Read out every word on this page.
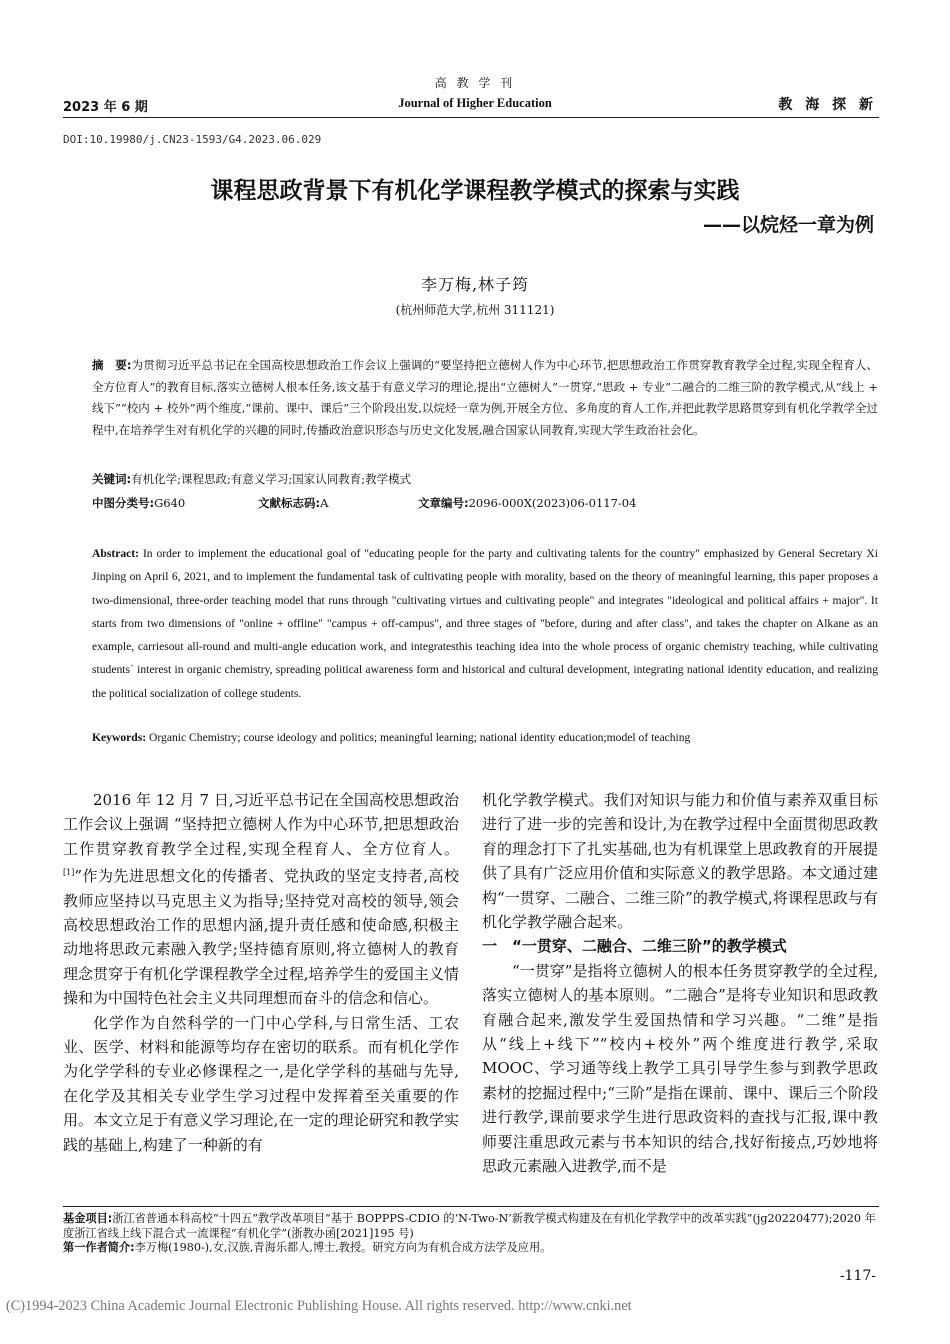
高 教 学 刊
2023 年 6 期	Journal of Higher Education	教 海 探 新
DOI:10.19980/j.CN23-1593/G4.2023.06.029
课程思政背景下有机化学课程教学模式的探索与实践
——以烷烃一章为例
李万梅,林子筠
(杭州师范大学,杭州 311121)
摘　要:为贯彻习近平总书记在全国高校思想政治工作会议上强调的“要坚持把立德树人作为中心环节,把思想政治工作贯穿教育教学全过程,实现全程育人、全方位育人”的教育目标,落实立德树人根本任务,该文基于有意义学习的理论,提出“立德树人”一贯穿,“思政 + 专业”二融合的二维三阶的教学模式,从“线上 + 线下”“校内 + 校外”两个维度,“课前、课中、课后”三个阶段出发,以烷烃一章为例,开展全方位、多角度的育人工作,并把此教学思路贯穿到有机化学教学全过程中,在培养学生对有机化学的兴趣的同时,传播政治意识形态与历史文化发展,融合国家认同教育,实现大学生政治社会化。
关键词:有机化学;课程思政;有意义学习;国家认同教育;教学模式
中图分类号:G640	文献标志码:A	文章编号:2096-000X(2023)06-0117-04
Abstract: In order to implement the educational goal of "educating people for the party and cultivating talents for the country" emphasized by General Secretary Xi Jinping on April 6, 2021, and to implement the fundamental task of cultivating people with morality, based on the theory of meaningful learning, this paper proposes a two-dimensional, three-order teaching model that runs through "cultivating virtues and cultivating people" and integrates "ideological and political affairs + major". It starts from two dimensions of "online + offline" "campus + off-campus", and three stages of "before, during and after class", and takes the chapter on Alkane as an example, carriesout all-round and multi-angle education work, and integratesthis teaching idea into the whole process of organic chemistry teaching, while cultivating students´ interest in organic chemistry, spreading political awareness form and historical and cultural development, integrating national identity education, and realizing the political socialization of college students.
Keywords: Organic Chemistry; course ideology and politics; meaningful learning; national identity education;model of teaching

2016 年 12 月 7 日,习近平总书记在全国高校思想政治工作会议上强调 “坚持把立德树人作为中心环节,把思想政治工作贯穿教育教学全过程,实现全程育人、全方位育人。[1]”作为先进思想文化的传播者、党执政的坚定支持者,高校教师应坚持以马克思主义为指导;坚持党对高校的领导,领会高校思想政治工作的思想内涵,提升责任感和使命感,积极主动地将思政元素融入教学;坚持德育原则,将立德树人的教育理念贯穿于有机化学课程教学全过程,培养学生的爱国主义情操和为中国特色社会主义共同理想而奋斗的信念和信心。

化学作为自然科学的一门中心学科,与日常生活、工农业、医学、材料和能源等均存在密切的联系。而有机化学作为化学学科的专业必修课程之一,是化学学科的基础与先导,在化学及其相关专业学生学习过程中发挥着至关重要的作用。本文立足于有意义学习理论,在一定的理论研究和教学实践的基础上,构建了一种新的有

机化学教学模式。我们对知识与能力和价值与素养双重目标进行了进一步的完善和设计,为在教学过程中全面贯彻思政教育的理念打下了扎实基础,也为有机课堂上思政教育的开展提供了具有广泛应用价值和实际意义的教学思路。本文通过建构“一贯穿、二融合、二维三阶”的教学模式,将课程思政与有机化学教学融合起来。

一　“一贯穿、二融合、二维三阶”的教学模式

“一贯穿”是指将立德树人的根本任务贯穿教学的全过程,落实立德树人的基本原则。“二融合”是将专业知识和思政教育融合起来,激发学生爱国热情和学习兴趣。“二维”是指从“线上+线下”“校内+校外”两个维度进行教学,采取 MOOC、学习通等线上教学工具引导学生参与到教学思政素材的挖掘过程中;“三阶”是指在课前、课中、课后三个阶段进行教学,课前要求学生进行思政资料的查找与汇报,课中教师要注重思政元素与书本知识的结合,找好衔接点,巧妙地将思政元素融入进教学,而不是

基金项目:浙江省普通本科高校“十四五”教学改革项目“基于 BOPPPS-CDIO 的‘N-Two-N’新教学模式构建及在有机化学教学中的改革实践”(jg20220477);2020 年度浙江省线上线下混合式一流课程“有机化学”(浙教办函[2021]195 号)
第一作者简介:李万梅(1980-),女,汉族,青海乐都人,博士,教授。研究方向为有机合成方法学及应用。
-117-
(C)1994-2023 China Academic Journal Electronic Publishing House. All rights reserved. http://www.cnki.net
